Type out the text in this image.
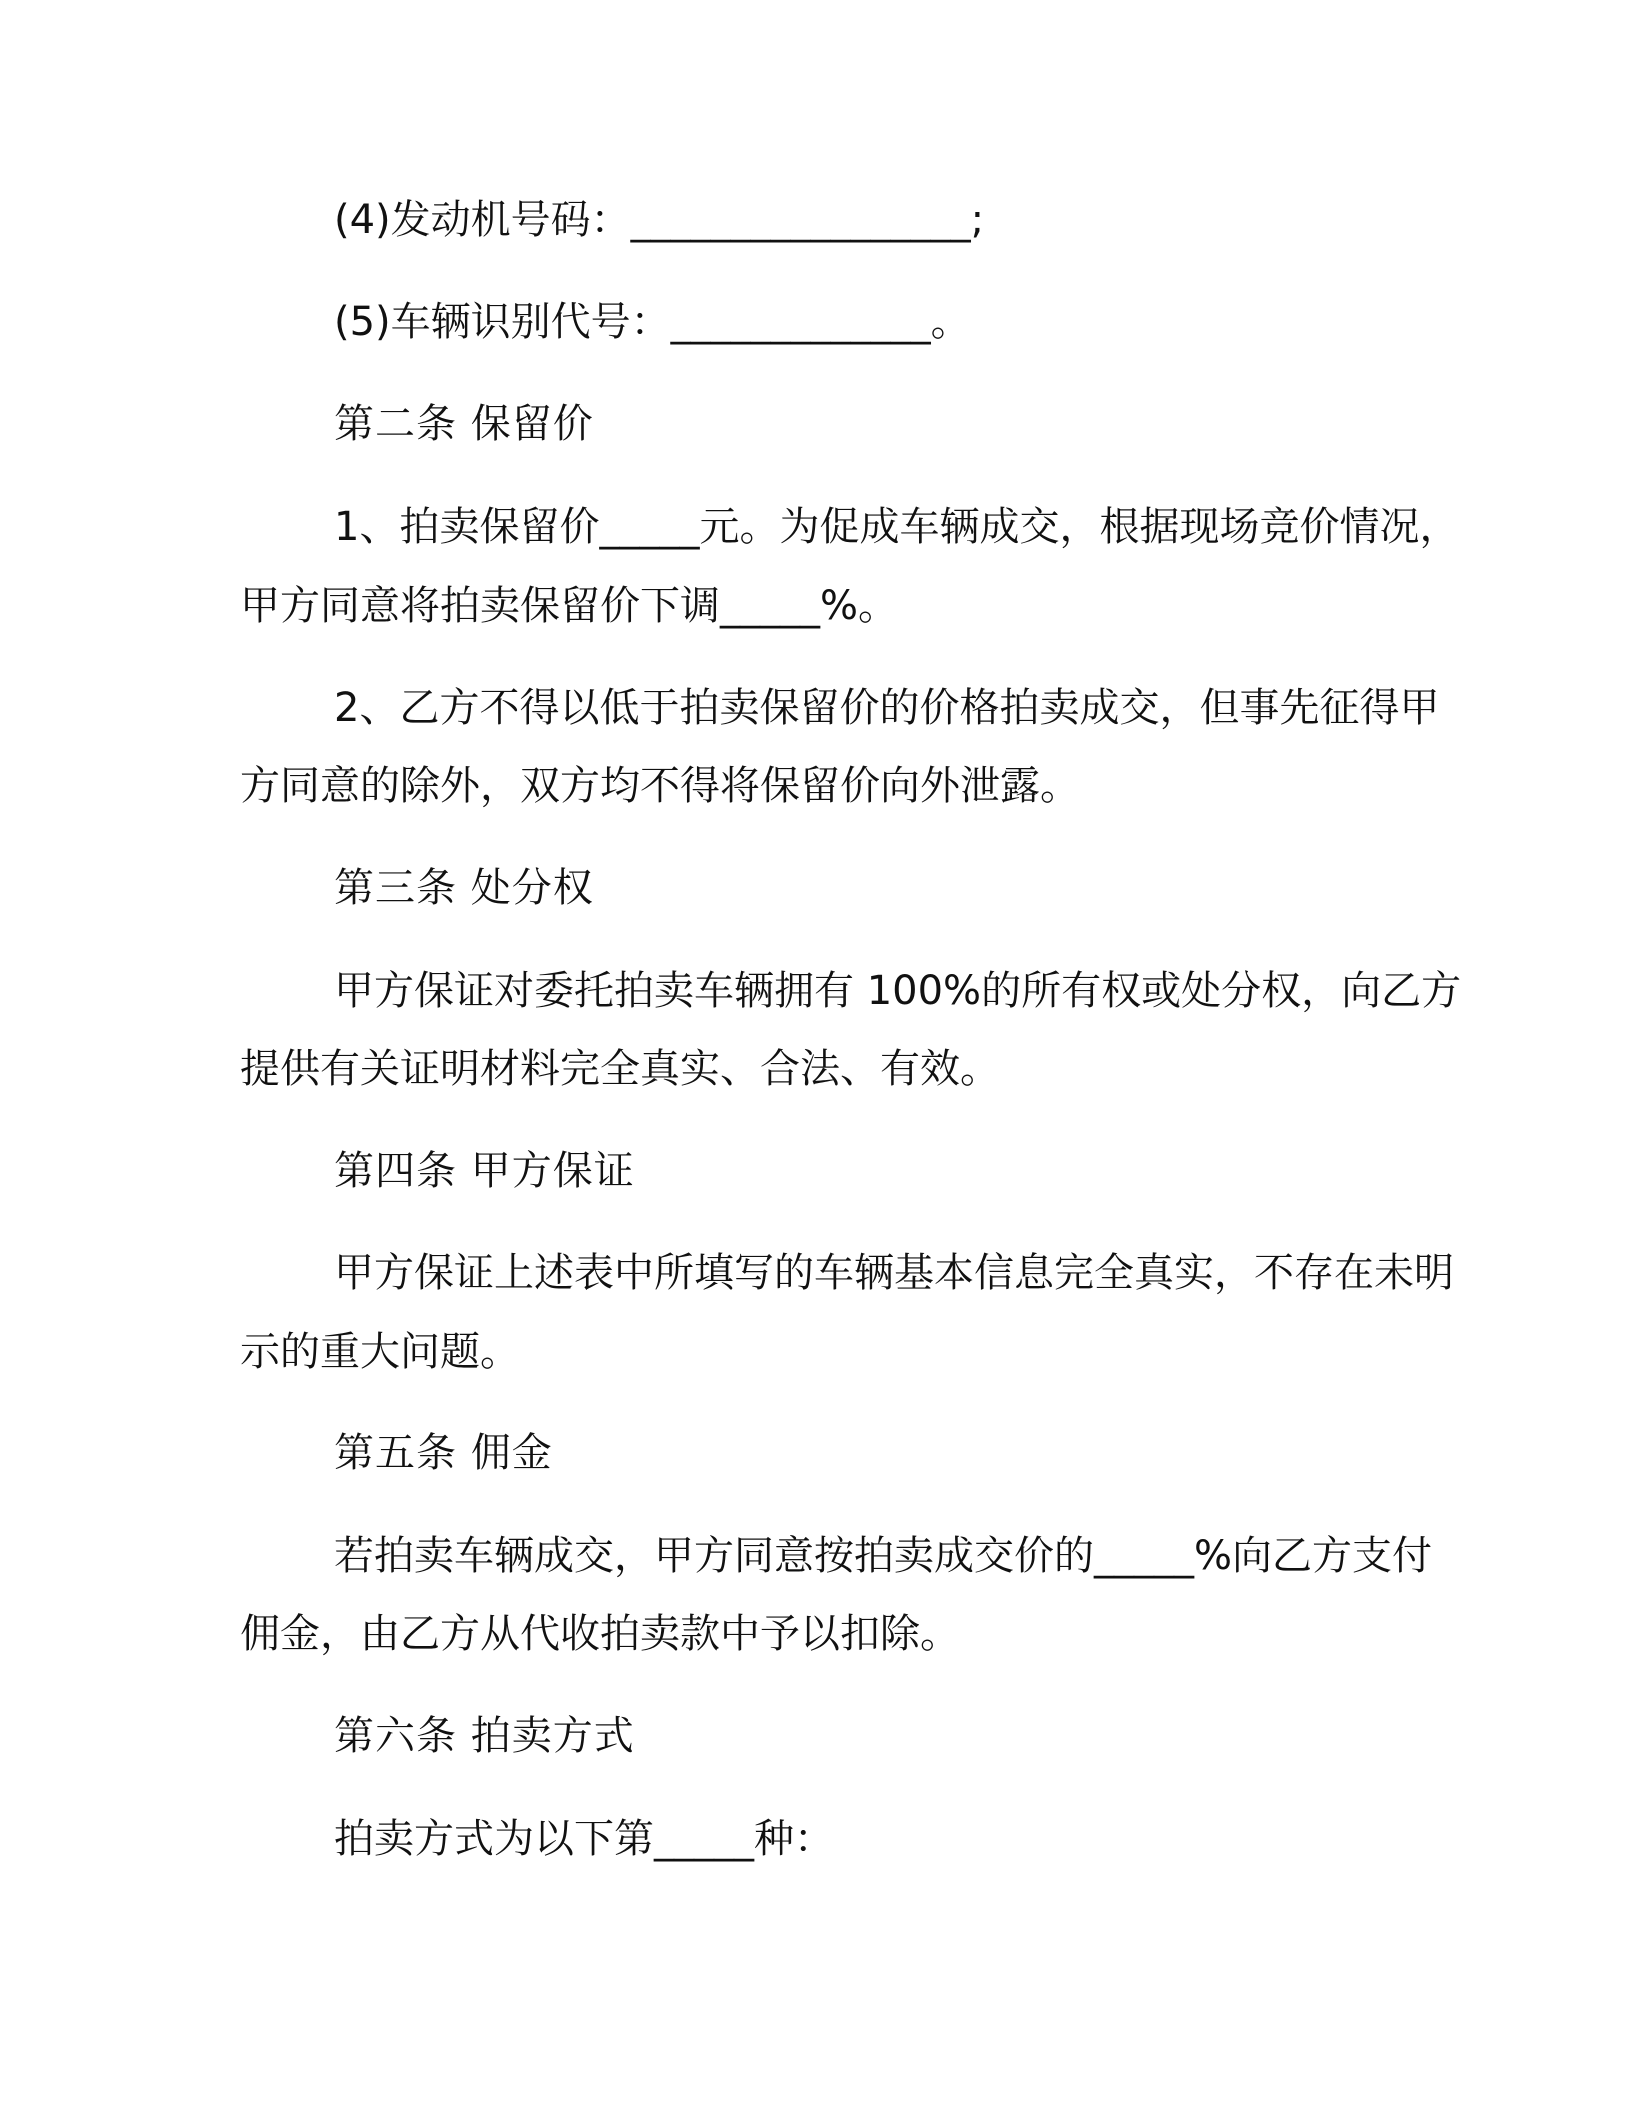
(4)发动机号码：_________________;
(5)车辆识别代号：_____________。
第二条 保留价
1、拍卖保留价_____元。为促成车辆成交，根据现场竞价情况，
甲方同意将拍卖保留价下调_____%。
2、乙方不得以低于拍卖保留价的价格拍卖成交，但事先征得甲
方同意的除外，双方均不得将保留价向外泄露。
第三条 处分权
甲方保证对委托拍卖车辆拥有 100%的所有权或处分权，向乙方
提供有关证明材料完全真实、合法、有效。
第四条 甲方保证
甲方保证上述表中所填写的车辆基本信息完全真实，不存在未明
示的重大问题。
第五条 佣金
若拍卖车辆成交，甲方同意按拍卖成交价的_____%向乙方支付
佣金，由乙方从代收拍卖款中予以扣除。
第六条 拍卖方式
拍卖方式为以下第_____种：
